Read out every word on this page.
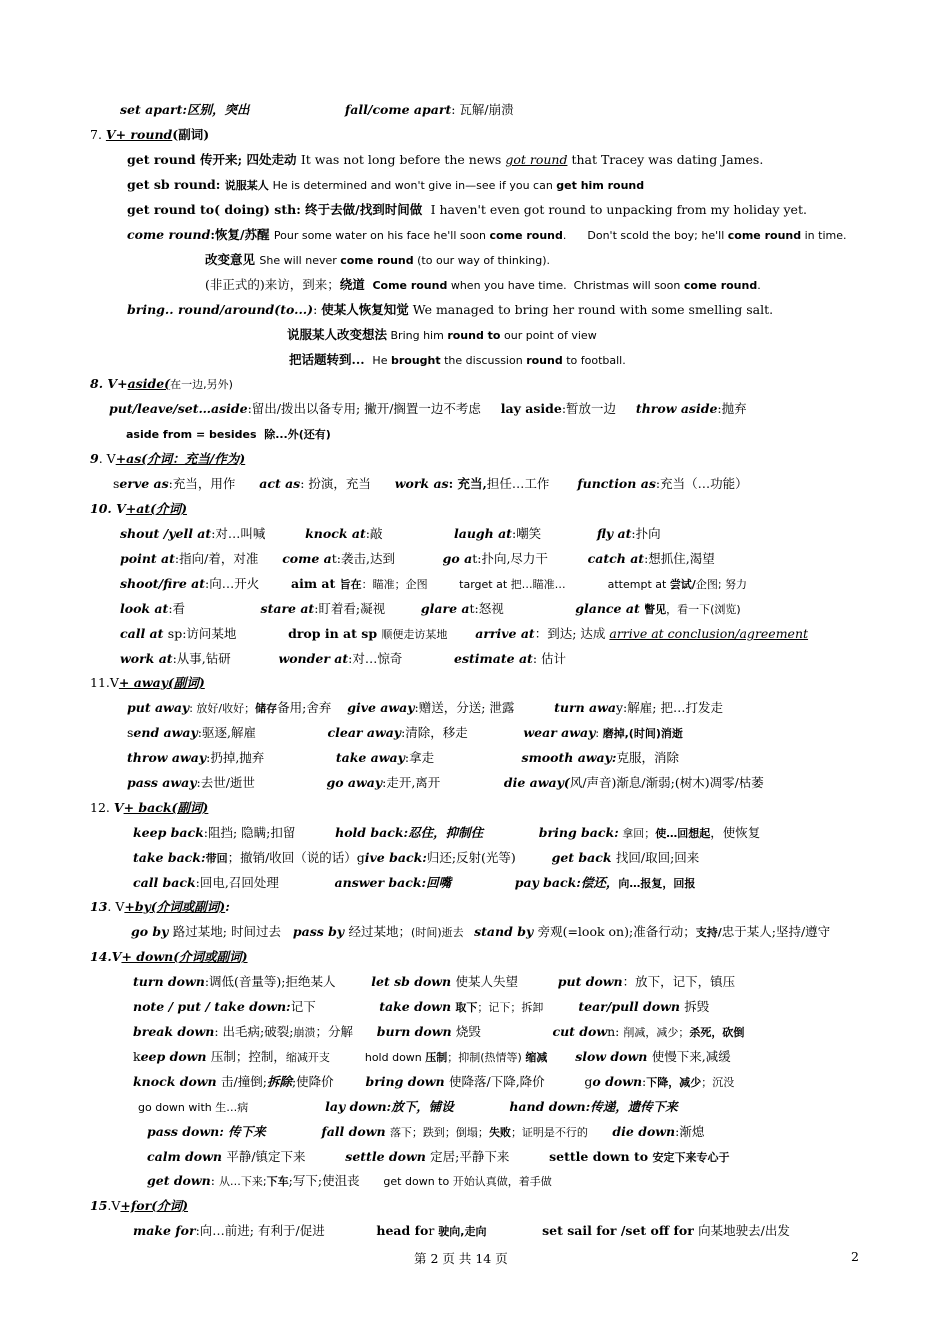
set apart:区别，突出	fall/come apart: 瓦解/崩溃
7. V+ round(副词)
get round 传开来; 四处走动 It was not long before the news got round that Tracey was dating James.
get sb round: 说服某人 He is determined and won't give in—see if you can get him round
get round to( doing) sth: 终于去做/找到时间做  I haven't even got round to unpacking from my holiday yet.
come round:恢复/苏醒 Pour some water on his face he'll soon come round.      Don't scold the boy; he'll come round in time.
改变意见 She will never come round (to our way of thinking).
(非正式的)来访，到来；绕道  Come round when you have time.  Christmas will soon come round.
bring.. round/around(to...): 使某人恢复知觉 We managed to bring her round with some smelling salt.
说服某人改变想法 Bring him round to our point of view
把话题转到...  He brought the discussion round to football.
8. V+aside(在一边,另外)
put/leave/set…aside:留出/拨出以备专用; 撇开/搁置一边不考虑     lay aside:暂放一边     throw aside:抛弃
aside from = besides  除...外(还有)
9. V+as(介词：充当/作为)
serve as:充当，用作      act as: 扮演，充当      work as: 充当,担任…工作       function as:充当（…功能）
10. V+at(介词)
shout /yell at:对…叫喊          knock at:敲                  laugh at:嘲笑              fly at:扑向
point at:指向/着，对准      come at:袭击,达到            go at:扑向,尽力干          catch at:想抓住,渴望
shoot/fire at:向…开火        aim at 旨在：瞄准；企图         target at 把…瞄准…            attempt at 尝试/企图; 努力
look at:看                   stare at:盯着看;凝视         glare at:怒视                  glance at 瞥见，看一下(浏览)
call at sp:访问某地             drop in at sp 顺便走访某地 arrive at：到达; 达成 arrive at conclusion/agreement
work at:从事,钻研            wonder at:对…惊奇             estimate at: 估计
11.V+ away(副词)
put away: 放好/收好；储存备用;舍弃    give away:赠送，分送; 泄露          turn away:解雇; 把…打发走
send away:驱逐,解雇                  clear away:清除，移走              wear away: 磨掉,(时间)消逝
throw away:扔掉,抛弃                  take away:拿走                      smooth away:克服，消除
pass away:去世/逝世                  go away:走开,离开                die away(风/声音)渐息/渐弱;(树木)凋零/枯萎
12. V+ back(副词)
keep back:阻挡; 隐瞒;扣留          hold back:忍住，抑制住	bring back: 拿回；使…回想起，使恢复
take back:带回；撤销/收回（说的话）give back:归还;反射(光等)         get back 找回/取回;回来
call back:回电,召回处理              answer back:回嘴	pay back:偿还，向…报复，回报
13. V+by(介词或副词):
go by 路过某地; 时间过去   pass by 经过某地；(时间)逝去   stand by 旁观(=look on);准备行动；支持/忠于某人;坚持/遵守
14.V+ down(介词或副词)
turn down:调低(音量等);拒绝某人         let sb down 使某人失望          put down：放下，记下，镇压
note / put / take down:记下                take down 取下；记下；拆卸          tear/pull down 拆毁
break down: 出毛病;破裂;崩溃；分解      burn down 烧毁                  cut down: 削减，减少；杀死，砍倒
keep down 压制；控制，缩减开支          hold down 压制；抑制(热情等) 缩减 slow down 使慢下来,减缓
knock down 击/撞倒;拆除;使降价        bring down 使降落/下降,降价          go down:下降，减少；沉没
go down with 生…病                      lay down:放下，铺设	hand down:传递，遗传下来
pass down: 传下来	fall down 落下；跌到；倒塌；失败；证明是不行的       die down:渐熄
calm down 平静/镇定下来          settle down 定居;平静下来          settle down to 安定下来专心于
get down: 从…下来;下车;写下;使沮丧      get down to 开始认真做，着手做
15.V+for(介词)
make for:向…前进; 有利于/促进             head for 驶向,走向	set sail for /set off for 向某地驶去/出发
第 2 页 共 14 页	2
